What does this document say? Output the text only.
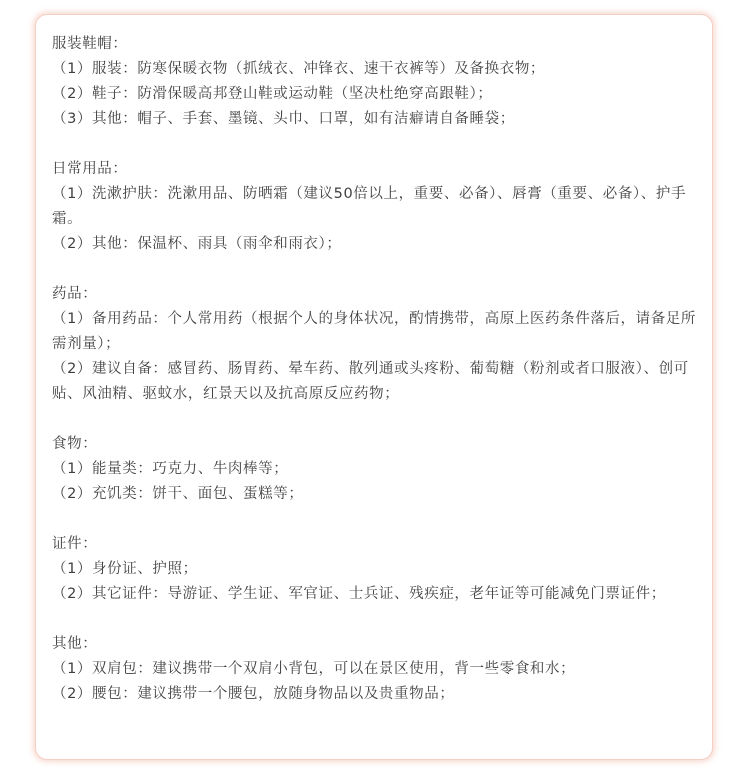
服装鞋帽：

（1）服装：防寒保暖衣物（抓绒衣、冲锋衣、速干衣裤等）及备换衣物；

（2）鞋子：防滑保暖高邦登山鞋或运动鞋（坚决杜绝穿高跟鞋）；

（3）其他：帽子、手套、墨镜、头巾、口罩，如有洁癖请自备睡袋；

日常用品：

（1）洗漱护肤：洗漱用品、防晒霜（建议50倍以上，重要、必备）、唇膏（重要、必备）、护手霜。

（2）其他：保温杯、雨具（雨伞和雨衣）；

药品：

（1）备用药品：个人常用药（根据个人的身体状况，酌情携带，高原上医药条件落后，请备足所需剂量）；

（2）建议自备：感冒药、肠胃药、晕车药、散列通或头疼粉、葡萄糖（粉剂或者口服液）、创可贴、风油精、驱蚊水，红景天以及抗高原反应药物；

食物：

（1）能量类：巧克力、牛肉棒等；

（2）充饥类：饼干、面包、蛋糕等；

证件：

（1）身份证、护照；

（2）其它证件：导游证、学生证、军官证、士兵证、残疾症，老年证等可能减免门票证件；

其他：

（1）双肩包：建议携带一个双肩小背包，可以在景区使用，背一些零食和水；

（2）腰包：建议携带一个腰包，放随身物品以及贵重物品；
